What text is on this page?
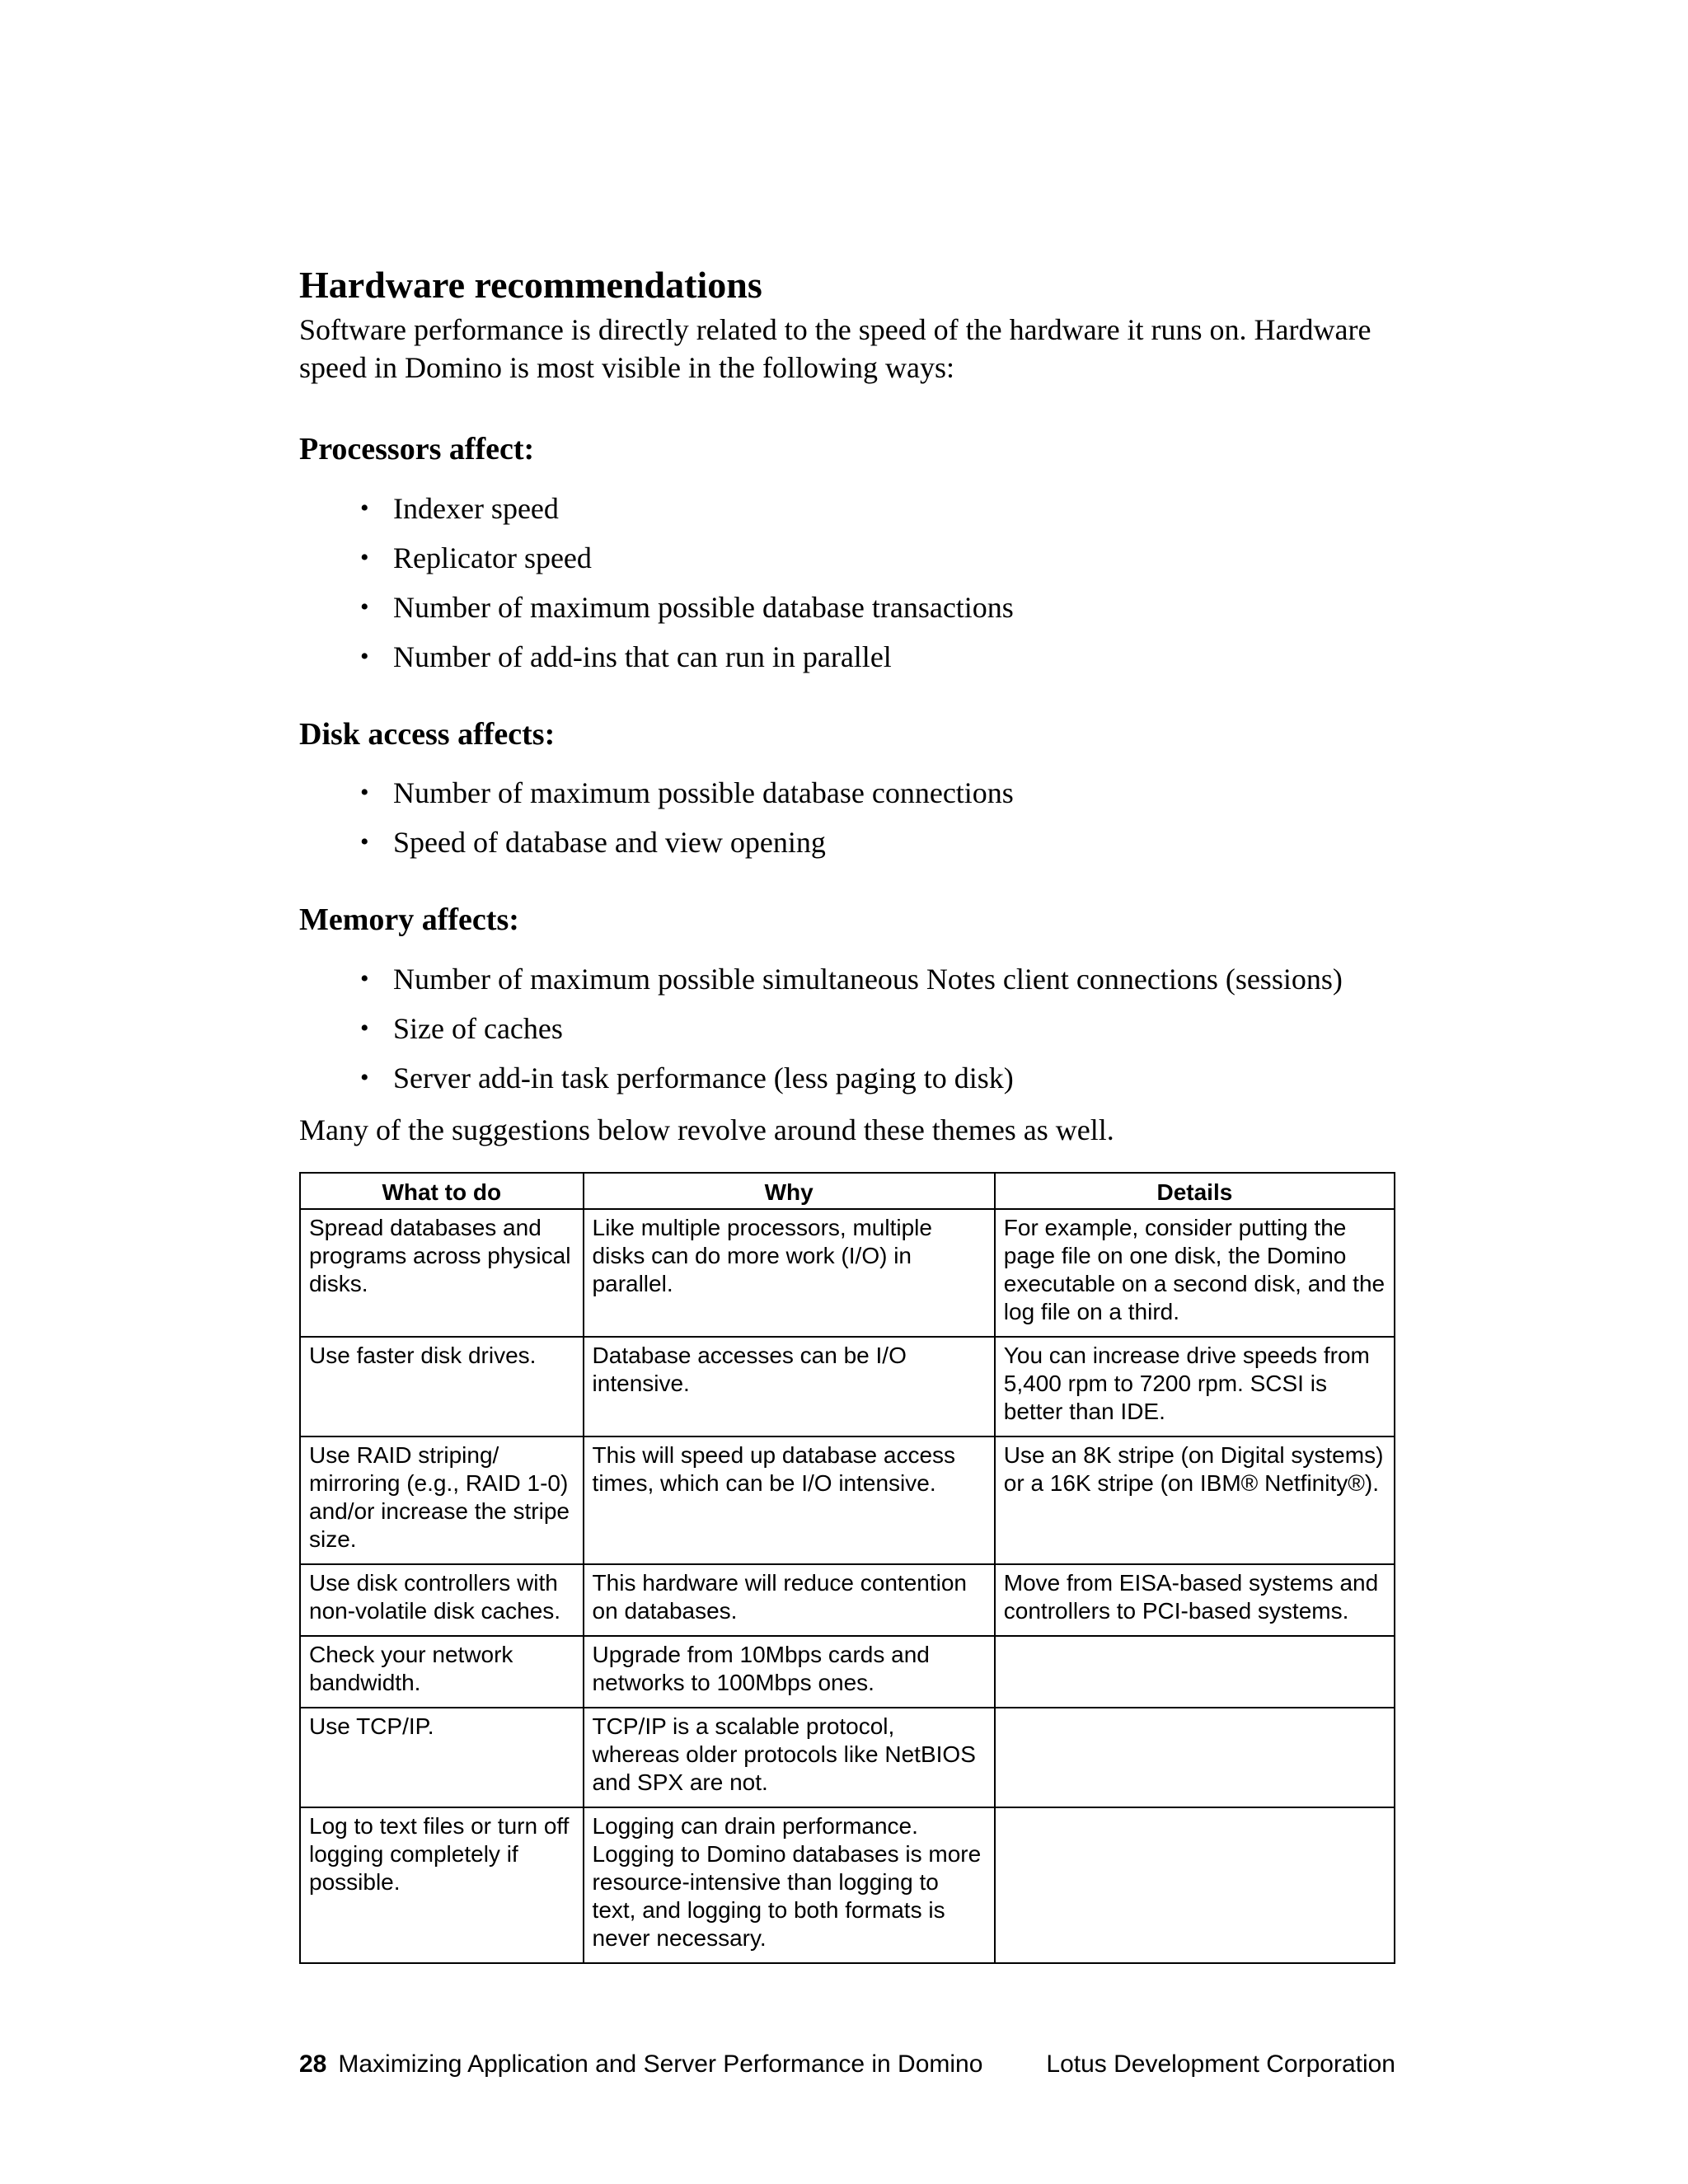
Hardware recommendations

Software performance is directly related to the speed of the hardware it runs on. Hardware speed in Domino is most visible in the following ways:

Processors affect:
• Indexer speed
• Replicator speed
• Number of maximum possible database transactions
• Number of add-ins that can run in parallel
Disk access affects:
• Number of maximum possible database connections
• Speed of database and view opening
Memory affects:
• Number of maximum possible simultaneous Notes client connections (sessions)
• Size of caches
• Server add-in task performance (less paging to disk)

Many of the suggestions below revolve around these themes as well.

What to do	Why	Details
Spread databases and programs across physical disks.	Like multiple processors, multiple disks can do more work (I/O) in parallel.	For example, consider putting the page file on one disk, the Domino executable on a second disk, and the log file on a third.
Use faster disk drives.	Database accesses can be I/O intensive.	You can increase drive speeds from 5,400 rpm to 7200 rpm. SCSI is better than IDE.
Use RAID striping/ mirroring (e.g., RAID 1-0) and/or increase the stripe size.	This will speed up database access times, which can be I/O intensive.	Use an 8K stripe (on Digital systems) or a 16K stripe (on IBM® Netfinity®).
Use disk controllers with non-volatile disk caches.	This hardware will reduce contention on databases.	Move from EISA-based systems and controllers to PCI-based systems.
Check your network bandwidth.	Upgrade from 10Mbps cards and networks to 100Mbps ones.	
Use TCP/IP.	TCP/IP is a scalable protocol, whereas older protocols like NetBIOS and SPX are not.	
Log to text files or turn off logging completely if possible.	Logging can drain performance. Logging to Domino databases is more resource-intensive than logging to text, and logging to both formats is never necessary.	
28 Maximizing Application and Server Performance in Domino	Lotus Development Corporation
